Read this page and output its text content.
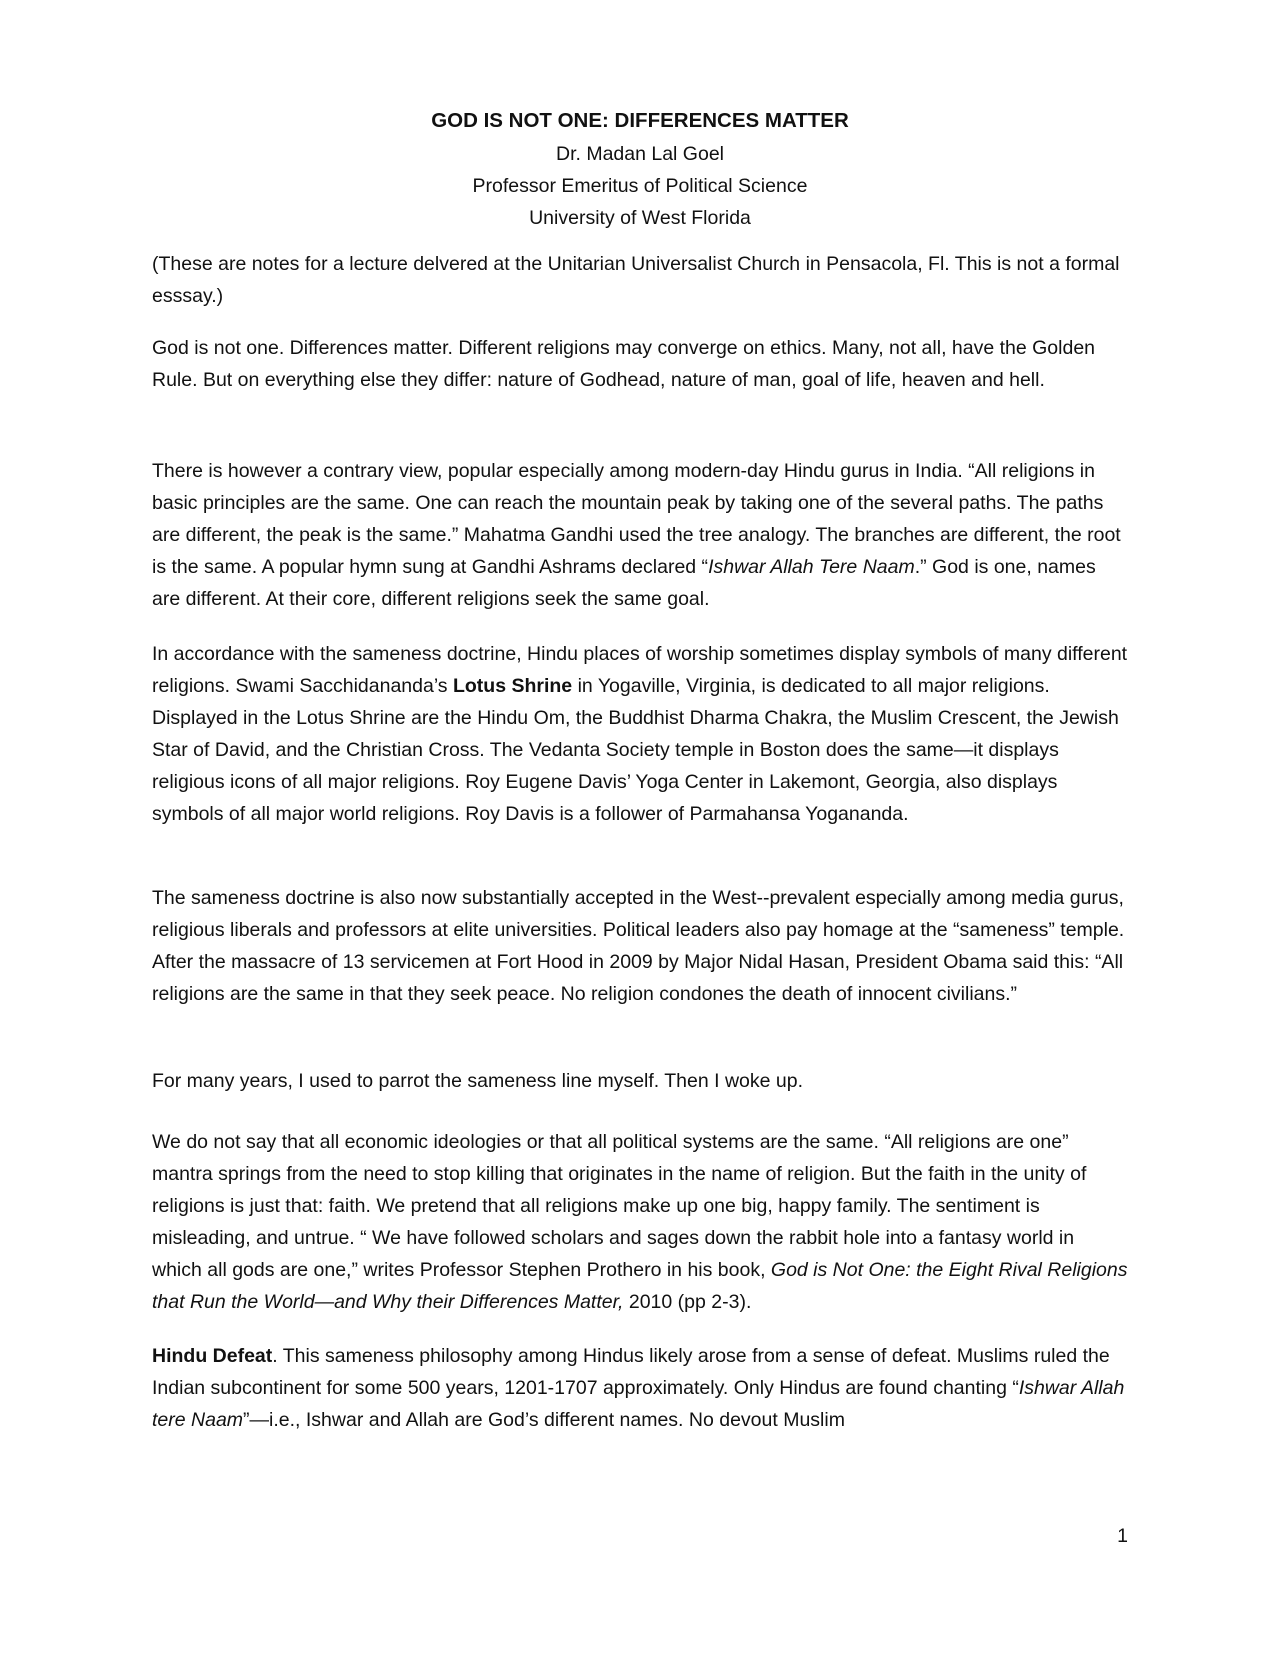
GOD IS NOT ONE: DIFFERENCES MATTER
Dr. Madan Lal Goel
Professor Emeritus of Political Science
University of West Florida

(These are notes for a lecture delvered at the Unitarian Universalist Church in Pensacola, Fl. This is not a formal esssay.)

God is not one. Differences matter. Different religions may converge on ethics. Many, not all, have the Golden Rule. But on everything else they differ: nature of Godhead, nature of man, goal of life, heaven and hell.

There is however a contrary view, popular especially among modern-day Hindu gurus in India. “All religions in basic principles are the same. One can reach the mountain peak by taking one of the several paths. The paths are different, the peak is the same.” Mahatma Gandhi used the tree analogy. The branches are different, the root is the same. A popular hymn sung at Gandhi Ashrams declared “Ishwar Allah Tere Naam.” God is one, names are different. At their core, different religions seek the same goal.

In accordance with the sameness doctrine, Hindu places of worship sometimes display symbols of many different religions. Swami Sacchidananda’s Lotus Shrine in Yogaville, Virginia, is dedicated to all major religions. Displayed in the Lotus Shrine are the Hindu Om, the Buddhist Dharma Chakra, the Muslim Crescent, the Jewish Star of David, and the Christian Cross. The Vedanta Society temple in Boston does the same—it displays religious icons of all major religions. Roy Eugene Davis’ Yoga Center in Lakemont, Georgia, also displays symbols of all major world religions. Roy Davis is a follower of Parmahansa Yogananda.

The sameness doctrine is also now substantially accepted in the West--prevalent especially among media gurus, religious liberals and professors at elite universities. Political leaders also pay homage at the “sameness” temple. After the massacre of 13 servicemen at Fort Hood in 2009 by Major Nidal Hasan, President Obama said this: “All religions are the same in that they seek peace. No religion condones the death of innocent civilians.”

For many years, I used to parrot the sameness line myself. Then I woke up.

We do not say that all economic ideologies or that all political systems are the same. “All religions are one” mantra springs from the need to stop killing that originates in the name of religion. But the faith in the unity of religions is just that: faith. We pretend that all religions make up one big, happy family. The sentiment is misleading, and untrue. “ We have followed scholars and sages down the rabbit hole into a fantasy world in which all gods are one,” writes Professor Stephen Prothero in his book, God is Not One: the Eight Rival Religions that Run the World—and Why their Differences Matter, 2010 (pp 2-3).

Hindu Defeat. This sameness philosophy among Hindus likely arose from a sense of defeat. Muslims ruled the Indian subcontinent for some 500 years, 1201-1707 approximately. Only Hindus are found chanting “Ishwar Allah tere Naam”—i.e., Ishwar and Allah are God’s different names. No devout Muslim

1
